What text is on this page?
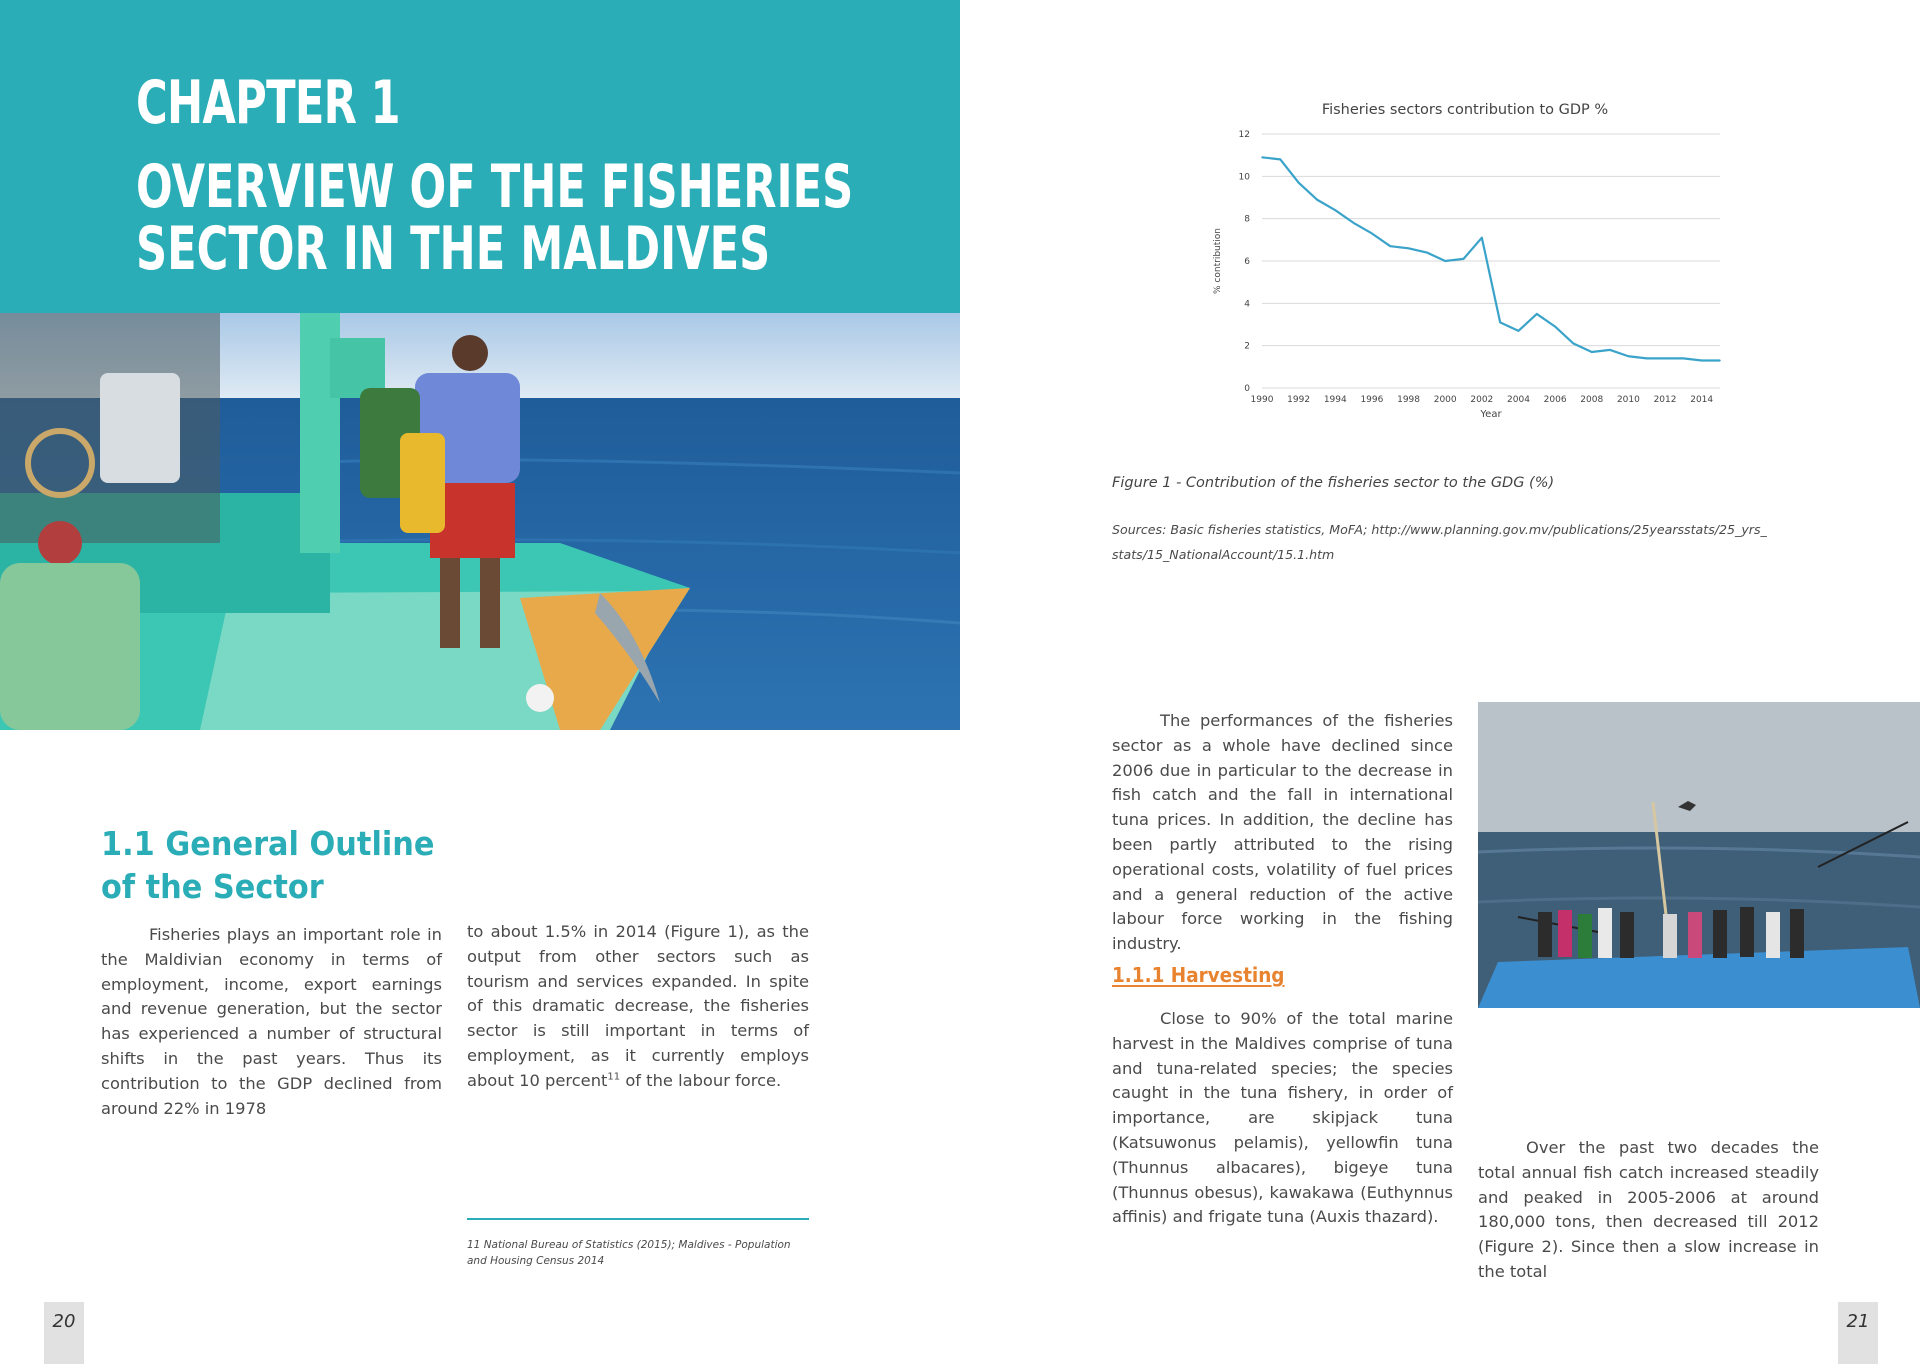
CHAPTER 1
OVERVIEW OF THE FISHERIES
SECTOR IN THE MALDIVES
1.1 General Outline
of the Sector

Fisheries plays an important role in the Maldivian economy in terms of employment, income, export earnings and revenue generation, but the sector has experienced a number of structural shifts in the past years. Thus its contribution to the GDP declined from around 22% in 1978

to about 1.5% in 2014 (Figure 1), as the output from other sectors such as tourism and services expanded. In spite of this dramatic decrease, the fisheries sector is still important in terms of employment, as it currently employs about 10 percent$^{11}$ of the labour force.

11 National Bureau of Statistics (2015); Maldives - Population and Housing Census 2014
20
Fisheries sectors contribution to GDP %
0
2
4
6
8
10
12
1990 1992 1994 1996 1998 2000 2002 2004 2006 2008 2010 2012 2014
Year
% contribution
Figure 1 - Contribution of the fisheries sector to the GDG (%)
Sources: Basic fisheries statistics, MoFA; http://www.planning.gov.mv/publications/25yearsstats/25_yrs_ stats/15_NationalAccount/15.1.htm

The performances of the fisheries sector as a whole have declined since 2006 due in particular to the decrease in fish catch and the fall in international tuna prices. In addition, the decline has been partly attributed to the rising operational costs, volatility of fuel prices and a general reduction of the active labour force working in the fishing industry.

1.1.1 Harvesting

Close to 90% of the total marine harvest in the Maldives comprise of tuna and tuna-related species; the species caught in the tuna fishery, in order of importance, are skipjack tuna (Katsuwonus pelamis), yellowfin tuna (Thunnus albacares), bigeye tuna (Thunnus obesus), kawakawa (Euthynnus affinis) and frigate tuna (Auxis thazard).

Over the past two decades the total annual fish catch increased steadily and peaked in 2005-2006 at around 180,000 tons, then decreased till 2012 (Figure 2). Since then a slow increase in the total

21
